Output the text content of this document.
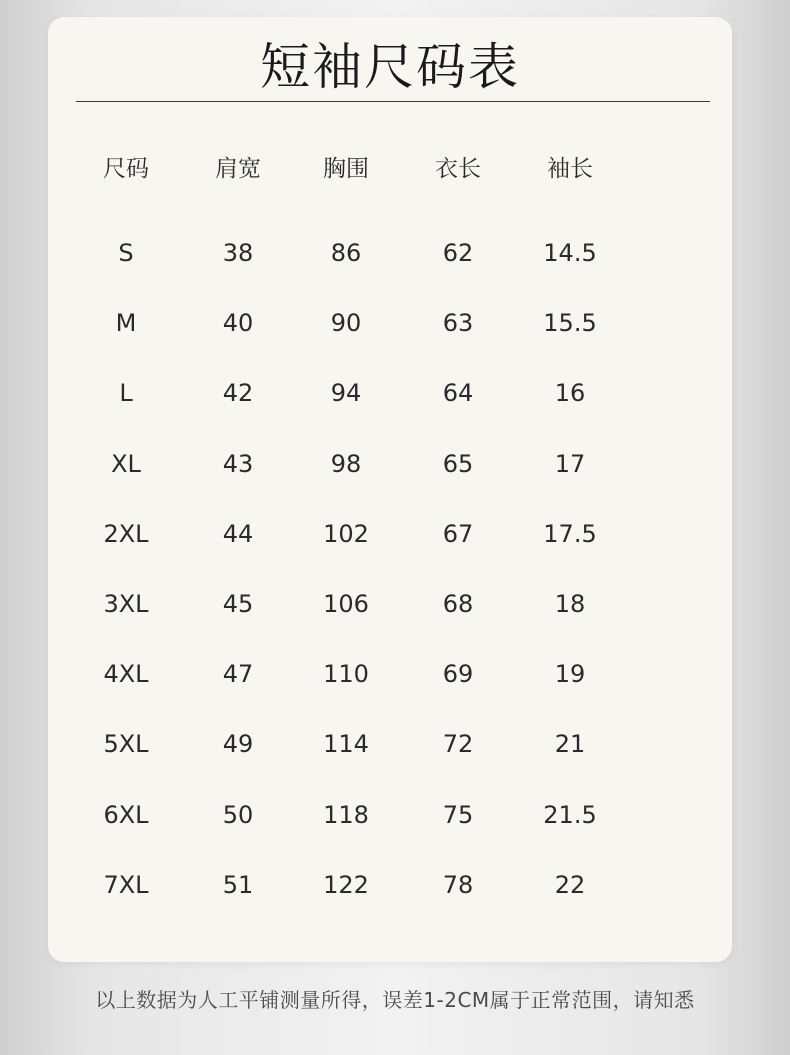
短袖尺码表
尺码	肩宽	胸围	衣长	袖长
S	38	86	62	14.5
M	40	90	63	15.5
L	42	94	64	16
XL	43	98	65	17
2XL	44	102	67	17.5
3XL	45	106	68	18
4XL	47	110	69	19
5XL	49	114	72	21
6XL	50	118	75	21.5
7XL	51	122	78	22
以上数据为人工平铺测量所得，误差1-2CM属于正常范围，请知悉
